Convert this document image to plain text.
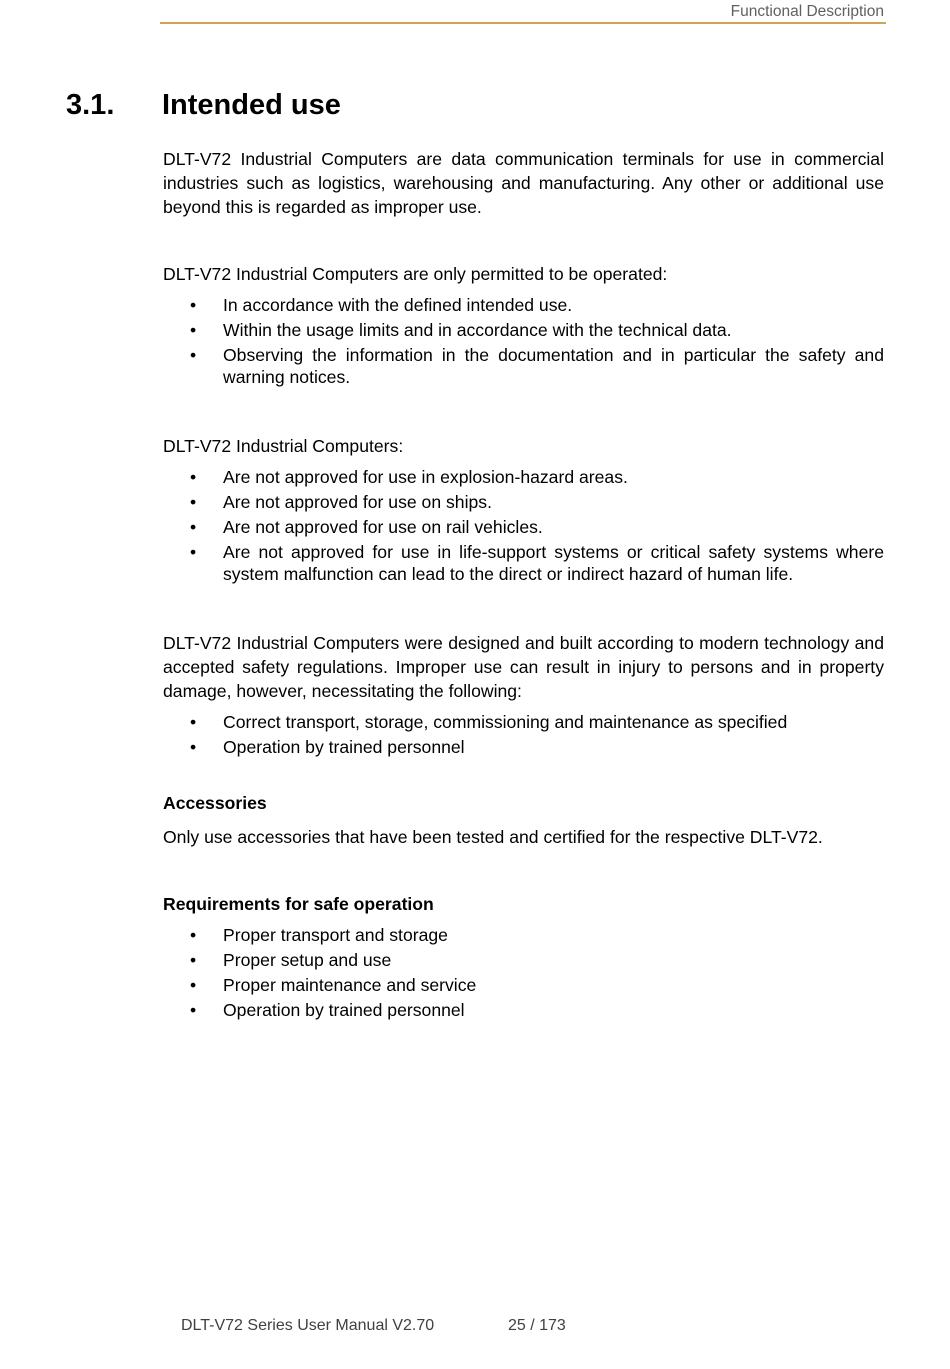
Functional Description
3.1. Intended use

DLT-V72 Industrial Computers are data communication terminals for use in commercial industries such as logistics, warehousing and manufacturing. Any other or additional use beyond this is regarded as improper use.

DLT-V72 Industrial Computers are only permitted to be operated:

• In accordance with the defined intended use.
• Within the usage limits and in accordance with the technical data.
• Observing the information in the documentation and in particular the safety and warning notices.

DLT-V72 Industrial Computers:

• Are not approved for use in explosion-hazard areas.
• Are not approved for use on ships.
• Are not approved for use on rail vehicles.
• Are not approved for use in life-support systems or critical safety systems where system malfunction can lead to the direct or indirect hazard of human life.

DLT-V72 Industrial Computers were designed and built according to modern technology and accepted safety regulations. Improper use can result in injury to persons and in property damage, however, necessitating the following:

• Correct transport, storage, commissioning and maintenance as specified
• Operation by trained personnel

Accessories

Only use accessories that have been tested and certified for the respective DLT-V72.

Requirements for safe operation

• Proper transport and storage
• Proper setup and use
• Proper maintenance and service
• Operation by trained personnel
DLT-V72 Series User Manual V2.70	25 / 173
